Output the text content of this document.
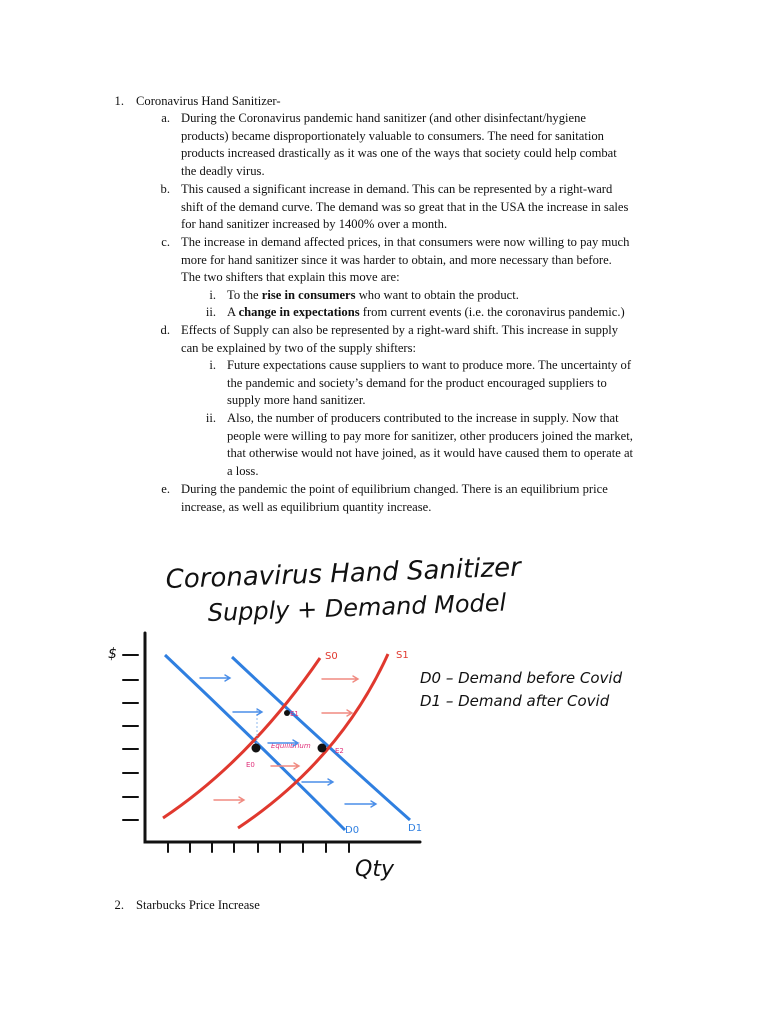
1. Coronavirus Hand Sanitizer-
a. During the Coronavirus pandemic hand sanitizer (and other disinfectant/hygiene
products) became disproportionately valuable to consumers. The need for sanitation
products increased drastically as it was one of the ways that society could help combat
the deadly virus.
b. This caused a significant increase in demand. This can be represented by a right-ward
shift of the demand curve. The demand was so great that in the USA the increase in sales
for hand sanitizer increased by 1400% over a month.
c. The increase in demand affected prices, in that consumers were now willing to pay much
more for hand sanitizer since it was harder to obtain, and more necessary than before.
The two shifters that explain this move are:
i. To the rise in consumers who want to obtain the product.
ii. A change in expectations from current events (i.e. the coronavirus pandemic.)
d. Effects of Supply can also be represented by a right-ward shift. This increase in supply
can be explained by two of the supply shifters:
i. Future expectations cause suppliers to want to produce more. The uncertainty of
the pandemic and society’s demand for the product encouraged suppliers to
supply more hand sanitizer.
ii. Also, the number of producers contributed to the increase in supply. Now that
people were willing to pay more for sanitizer, other producers joined the market,
that otherwise would not have joined, as it would have caused them to operate at
a loss.
e. During the pandemic the point of equilibrium changed. There is an equilibrium price
increase, as well as equilibrium quantity increase.
Coronavirus Hand Sanitizer
Supply + Demand Model
$
Qty
S0	S1
D0	D1
E0
E1
E2
Equilibrium
D0 – Demand before Covid
D1 – Demand after Covid
2. Starbucks Price Increase
